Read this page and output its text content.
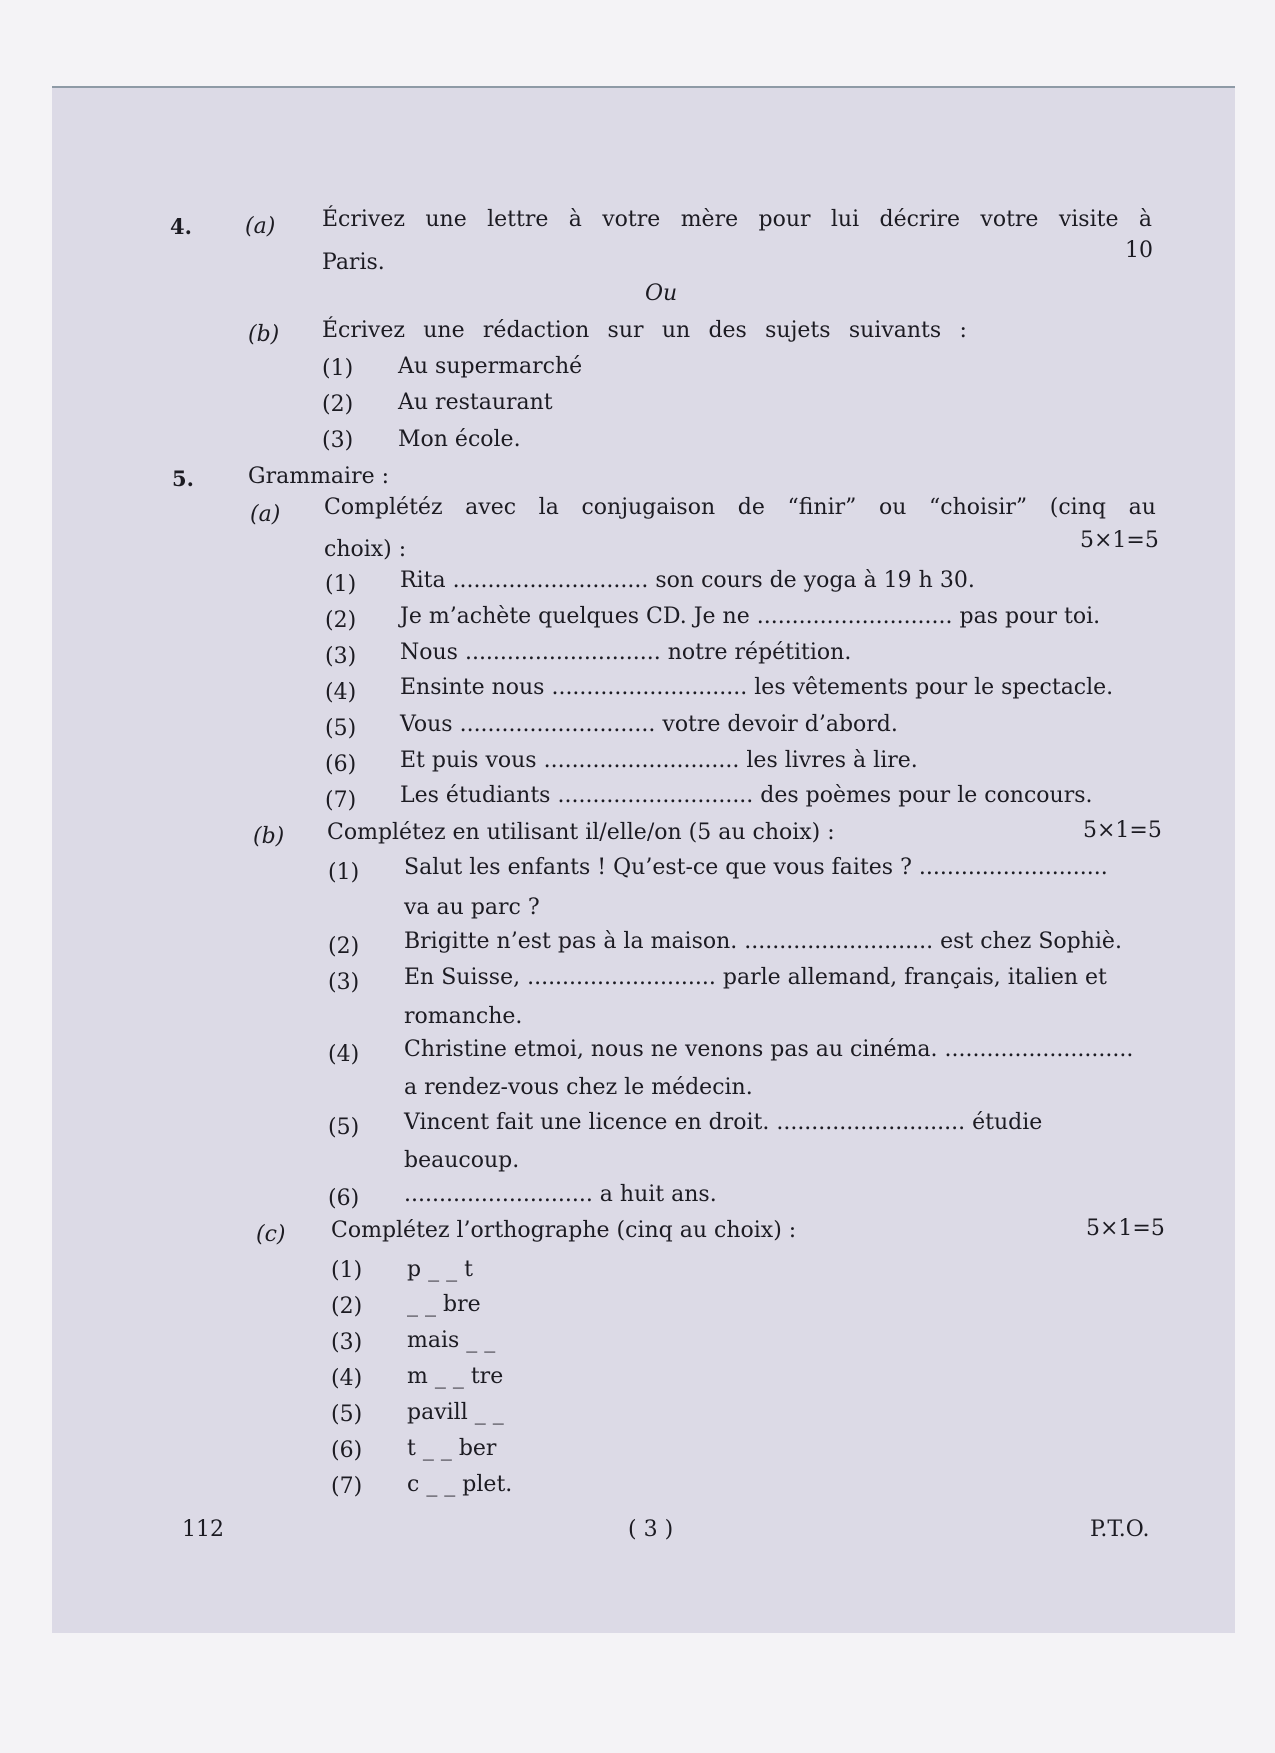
4. (a) Écrivez une lettre à votre mère pour lui décrire votre visite à
Paris.	10
Ou
(b) Écrivez une rédaction sur un des sujets suivants :
(1) Au supermarché
(2) Au restaurant
(3) Mon école.
5. Grammaire :
(a) Complétéz avec la conjugaison de “finir” ou “choisir” (cinq au
choix) :	5×1=5
(1) Rita ............................ son cours de yoga à 19 h 30.
(2) Je m’achète quelques CD. Je ne ............................ pas pour toi.
(3) Nous ............................ notre répétition.
(4) Ensinte nous ............................ les vêtements pour le spectacle.
(5) Vous ............................ votre devoir d’abord.
(6) Et puis vous ............................ les livres à lire.
(7) Les étudiants ............................ des poèmes pour le concours.
(b) Complétez en utilisant il/elle/on (5 au choix) :	5×1=5
(1) Salut les enfants ! Qu’est-ce que vous faites ? ...........................
va au parc ?
(2) Brigitte n’est pas à la maison. ........................... est chez Sophiè.
(3) En Suisse, ........................... parle allemand, français, italien et
romanche.
(4) Christine etmoi, nous ne venons pas au cinéma. ...........................
a rendez-vous chez le médecin.
(5) Vincent fait une licence en droit. ........................... étudie
beaucoup.
(6) ........................... a huit ans.
(c) Complétez l’orthographe (cinq au choix) :	5×1=5
(1) p _ _ t
(2) _ _ bre
(3) mais _ _
(4) m _ _ tre
(5) pavill _ _
(6) t _ _ ber
(7) c _ _ plet.
112	( 3 )	P.T.O.
